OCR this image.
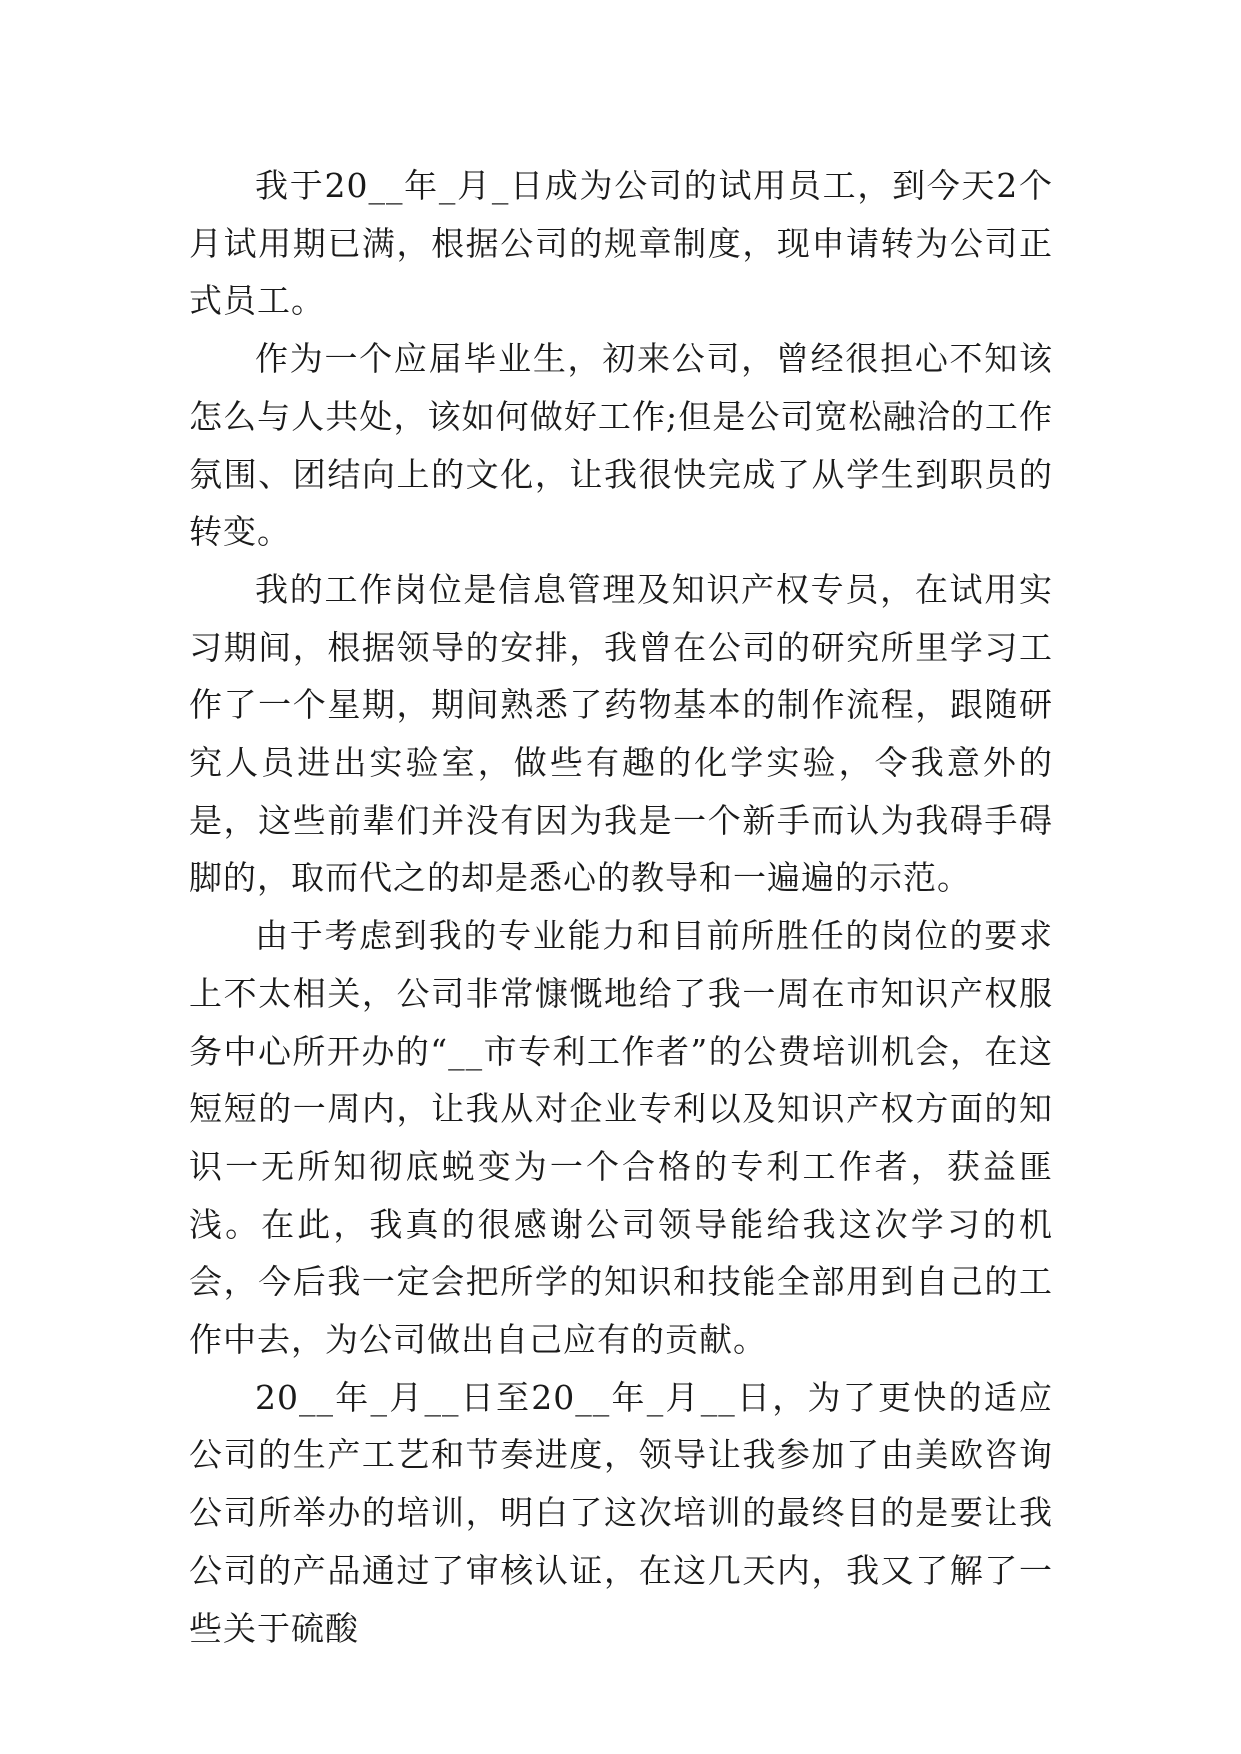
我于20__年_月_日成为公司的试用员工，到今天2个月试用期已满，根据公司的规章制度，现申请转为公司正式员工。

作为一个应届毕业生，初来公司，曾经很担心不知该怎么与人共处，该如何做好工作;但是公司宽松融洽的工作氛围、团结向上的文化，让我很快完成了从学生到职员的转变。

我的工作岗位是信息管理及知识产权专员，在试用实习期间，根据领导的安排，我曾在公司的研究所里学习工作了一个星期，期间熟悉了药物基本的制作流程，跟随研究人员进出实验室，做些有趣的化学实验，令我意外的是，这些前辈们并没有因为我是一个新手而认为我碍手碍脚的，取而代之的却是悉心的教导和一遍遍的示范。

由于考虑到我的专业能力和目前所胜任的岗位的要求上不太相关，公司非常慷慨地给了我一周在市知识产权服务中心所开办的“__市专利工作者”的公费培训机会，在这短短的一周内，让我从对企业专利以及知识产权方面的知识一无所知彻底蜕变为一个合格的专利工作者，获益匪浅。在此，我真的很感谢公司领导能给我这次学习的机会，今后我一定会把所学的知识和技能全部用到自己的工作中去，为公司做出自己应有的贡献。

20__年_月__日至20__年_月__日，为了更快的适应公司的生产工艺和节奏进度，领导让我参加了由美欧咨询公司所举办的培训，明白了这次培训的最终目的是要让我公司的产品通过了审核认证，在这几天内，我又了解了一些关于硫酸
